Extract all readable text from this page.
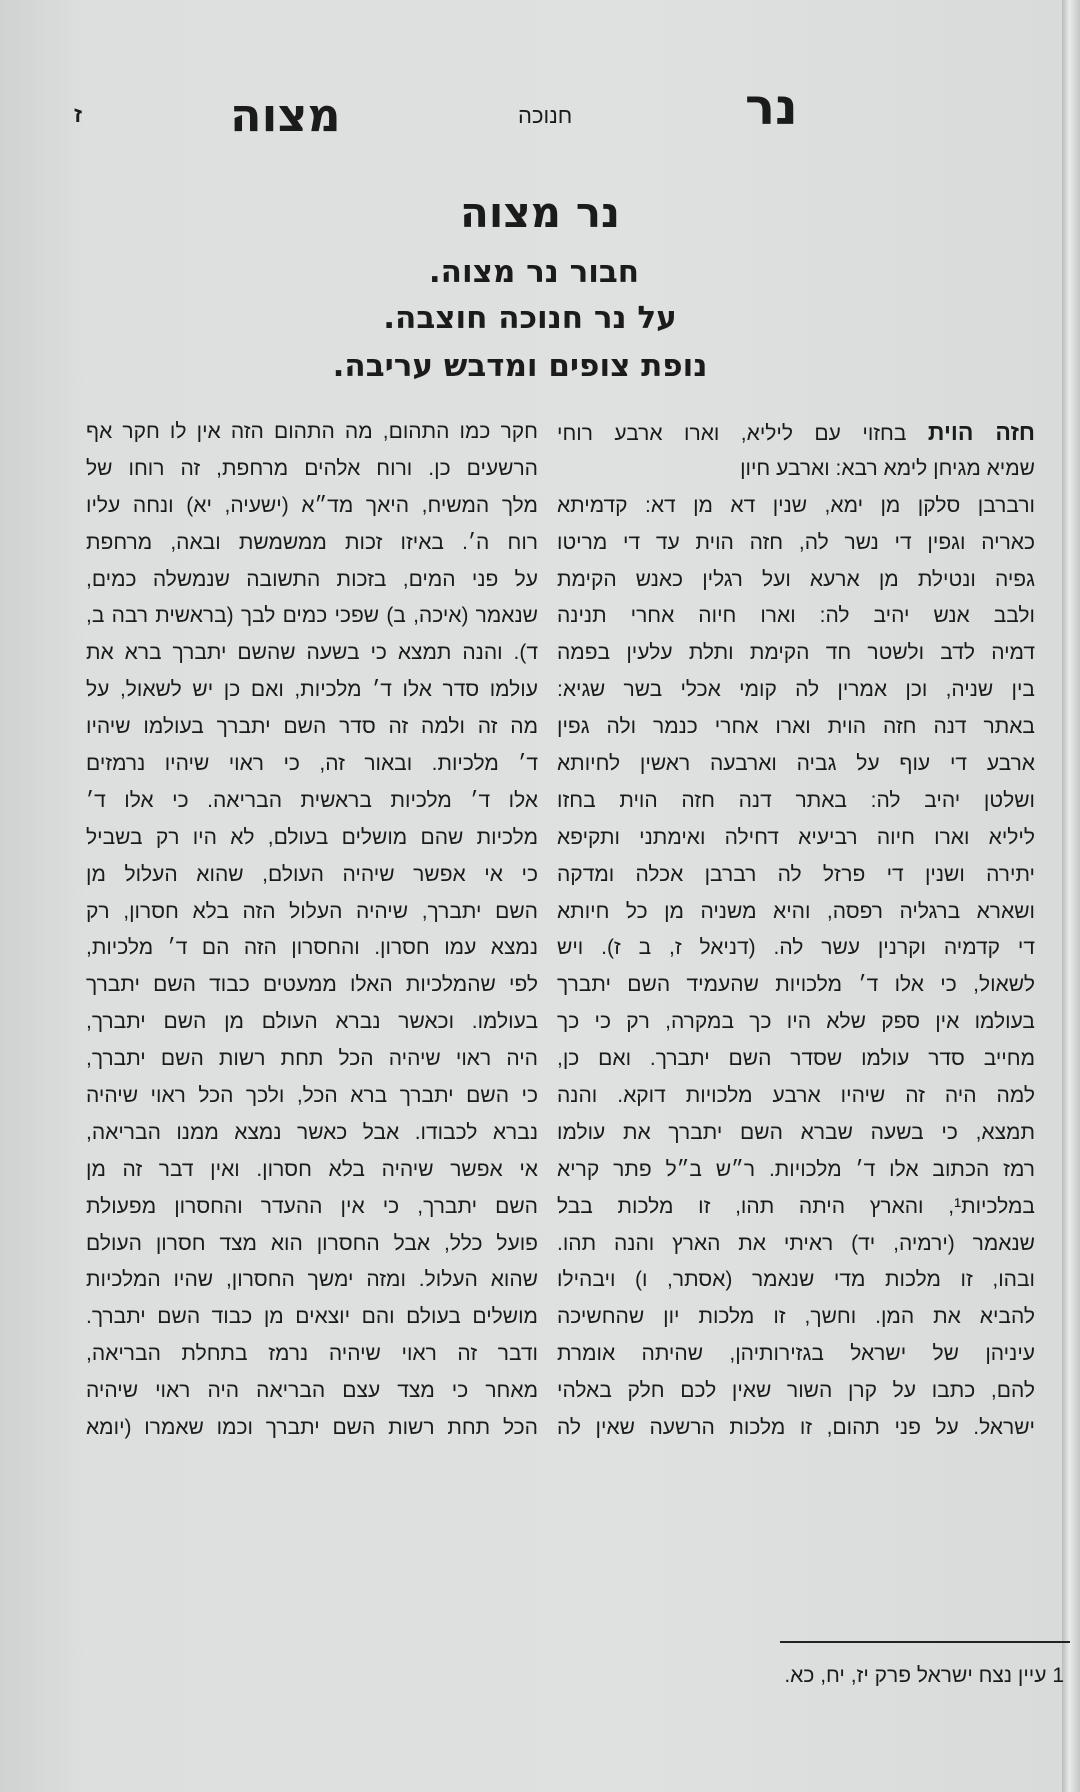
ז	מצוה	חנוכה	נר
נר מצוה
חבור נר מצוה.
על נר חנוכה חוצבה.
נופת צופים ומדבש עריבה.
חזה הוית בחזוי עם ליליא, וארו ארבע רוחי
שמיא מגיחן לימא רבא: וארבע חיון
ורברבן סלקן מן ימא, שנין דא מן דא: קדמיתא
כאריה וגפין די נשר לה, חזה הוית עד די מריטו
גפיה ונטילת מן ארעא ועל רגלין כאנש הקימת
ולבב אנש יהיב לה: וארו חיוה אחרי תנינה
דמיה לדב ולשטר חד הקימת ותלת עלעין בפמה
בין שניה, וכן אמרין לה קומי אכלי בשר שגיא:
באתר דנה חזה הוית וארו אחרי כנמר ולה גפין
ארבע די עוף על גביה וארבעה ראשין לחיותא
ושלטן יהיב לה: באתר דנה חזה הוית בחזו
ליליא וארו חיוה רביעיא דחילה ואימתני ותקיפא
יתירה ושנין די פרזל לה רברבן אכלה ומדקה
ושארא ברגליה רפסה, והיא משניה מן כל חיותא
די קדמיה וקרנין עשר לה. (דניאל ז, ב ז). ויש
לשאול, כי אלו ד׳ מלכויות שהעמיד השם יתברך
בעולמו אין ספק שלא היו כך במקרה, רק כי כך
מחייב סדר עולמו שסדר השם יתברך. ואם כן,
למה היה זה שיהיו ארבע מלכויות דוקא. והנה
תמצא, כי בשעה שברא השם יתברך את עולמו
רמז הכתוב אלו ד׳ מלכויות. ר״ש ב״ל פתר קריא
במלכיות¹, והארץ היתה תהו, זו מלכות בבל
שנאמר (ירמיה, יד) ראיתי את הארץ והנה תהו.
ובהו, זו מלכות מדי שנאמר (אסתר, ו) ויבהילו
להביא את המן. וחשך, זו מלכות יון שהחשיכה
עיניהן של ישראל בגזירותיהן, שהיתה אומרת
להם, כתבו על קרן השור שאין לכם חלק באלהי
ישראל. על פני תהום, זו מלכות הרשעה שאין לה
חקר כמו התהום, מה התהום הזה אין לו חקר אף
הרשעים כן. ורוח אלהים מרחפת, זה רוחו של
מלך המשיח, היאך מד״א (ישעיה, יא) ונחה עליו
רוח ה׳. באיזו זכות ממשמשת ובאה, מרחפת
על פני המים, בזכות התשובה שנמשלה כמים,
שנאמר (איכה, ב) שפכי כמים לבך (בראשית רבה ב,
ד). והנה תמצא כי בשעה שהשם יתברך ברא את
עולמו סדר אלו ד׳ מלכיות, ואם כן יש לשאול, על
מה זה ולמה זה סדר השם יתברך בעולמו שיהיו
ד׳ מלכיות. ובאור זה, כי ראוי שיהיו נרמזים
אלו ד׳ מלכיות בראשית הבריאה. כי אלו ד׳
מלכיות שהם מושלים בעולם, לא היו רק בשביל
כי אי אפשר שיהיה העולם, שהוא העלול מן
השם יתברך, שיהיה העלול הזה בלא חסרון, רק
נמצא עמו חסרון. והחסרון הזה הם ד׳ מלכיות,
לפי שהמלכיות האלו ממעטים כבוד השם יתברך
בעולמו. וכאשר נברא העולם מן השם יתברך,
היה ראוי שיהיה הכל תחת רשות השם יתברך,
כי השם יתברך ברא הכל, ולכך הכל ראוי שיהיה
נברא לכבודו. אבל כאשר נמצא ממנו הבריאה,
אי אפשר שיהיה בלא חסרון. ואין דבר זה מן
השם יתברך, כי אין ההעדר והחסרון מפעולת
פועל כלל, אבל החסרון הוא מצד חסרון העולם
שהוא העלול. ומזה ימשך החסרון, שהיו המלכיות
מושלים בעולם והם יוצאים מן כבוד השם יתברך.
ודבר זה ראוי שיהיה נרמז בתחלת הבריאה,
מאחר כי מצד עצם הבריאה היה ראוי שיהיה
הכל תחת רשות השם יתברך וכמו שאמרו (יומא
1 עיין נצח ישראל פרק יז, יח, כא.
